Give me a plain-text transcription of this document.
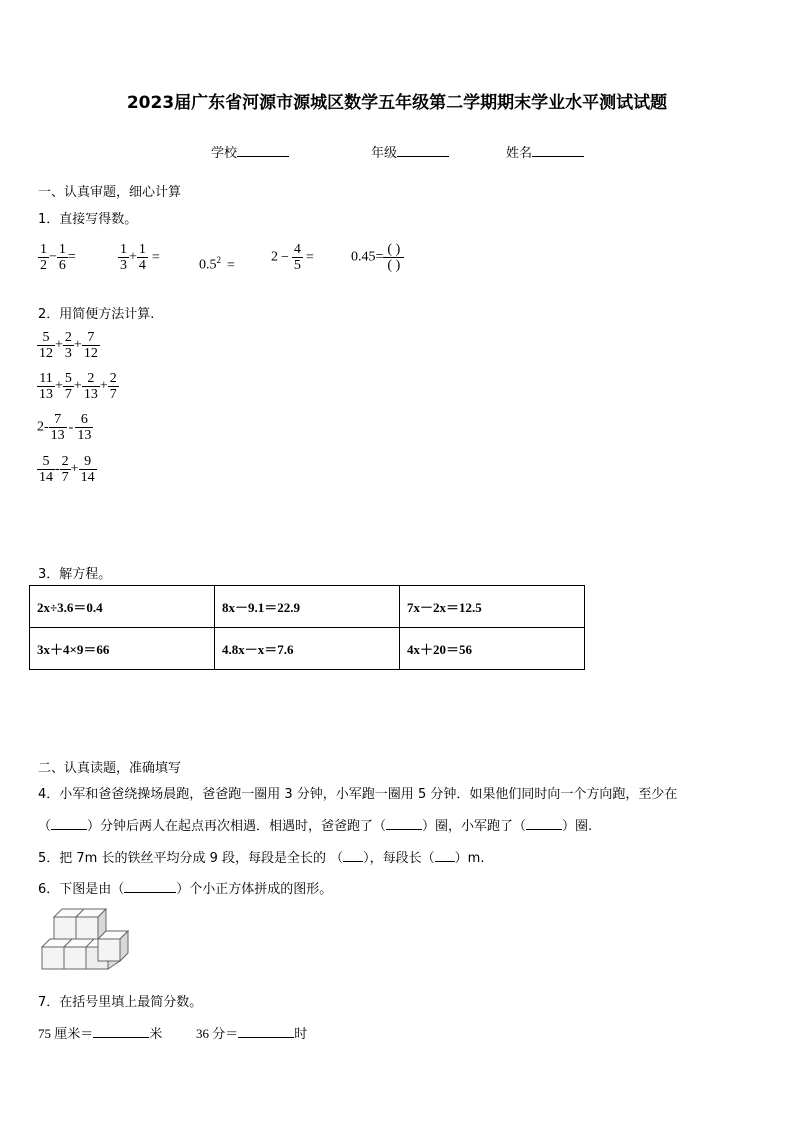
2023届广东省河源市源城区数学五年级第二学期期末学业水平测试试题
学校	年级	姓名
一、认真审题，细心计算
1．直接写得数。
$\frac{1}{2} - \frac{1}{6}$ =	$\frac{1}{3} + \frac{1}{4}$ =
$0.5^2$ =
$2 - \frac{4}{5}$ =	$0.45= \frac{( )}{( )}$
2．用简便方法计算.
$\frac{5}{12} + \frac{2}{3} + \frac{7}{12}$
$\frac{11}{13} + \frac{5}{7} + \frac{2}{13} + \frac{2}{7}$
$2- \frac{7}{13} - \frac{6}{13}$
$\frac{5}{14} - \frac{2}{7} + \frac{9}{14}$
3．解方程。
2x÷3.6＝0.4	8x－9.1＝22.9	7x－2x＝12.5
3x＋4×9＝66	4.8x－x＝7.6	4x＋20＝56
二、认真读题，准确填写
4．小军和爸爸绕操场晨跑，爸爸跑一圈用 3 分钟，小军跑一圈用 5 分钟．如果他们同时向一个方向跑，至少在
（	）分钟后两人在起点再次相遇．相遇时，爸爸跑了（	）圈，小军跑了（	）圈.
5．把 7m 长的铁丝平均分成 9 段，每段是全长的 （ ），每段长（ ）m.
6．下图是由（	）个小正方体拼成的图形。
7．在括号里填上最简分数。
75 厘米＝	米	36 分＝	时
